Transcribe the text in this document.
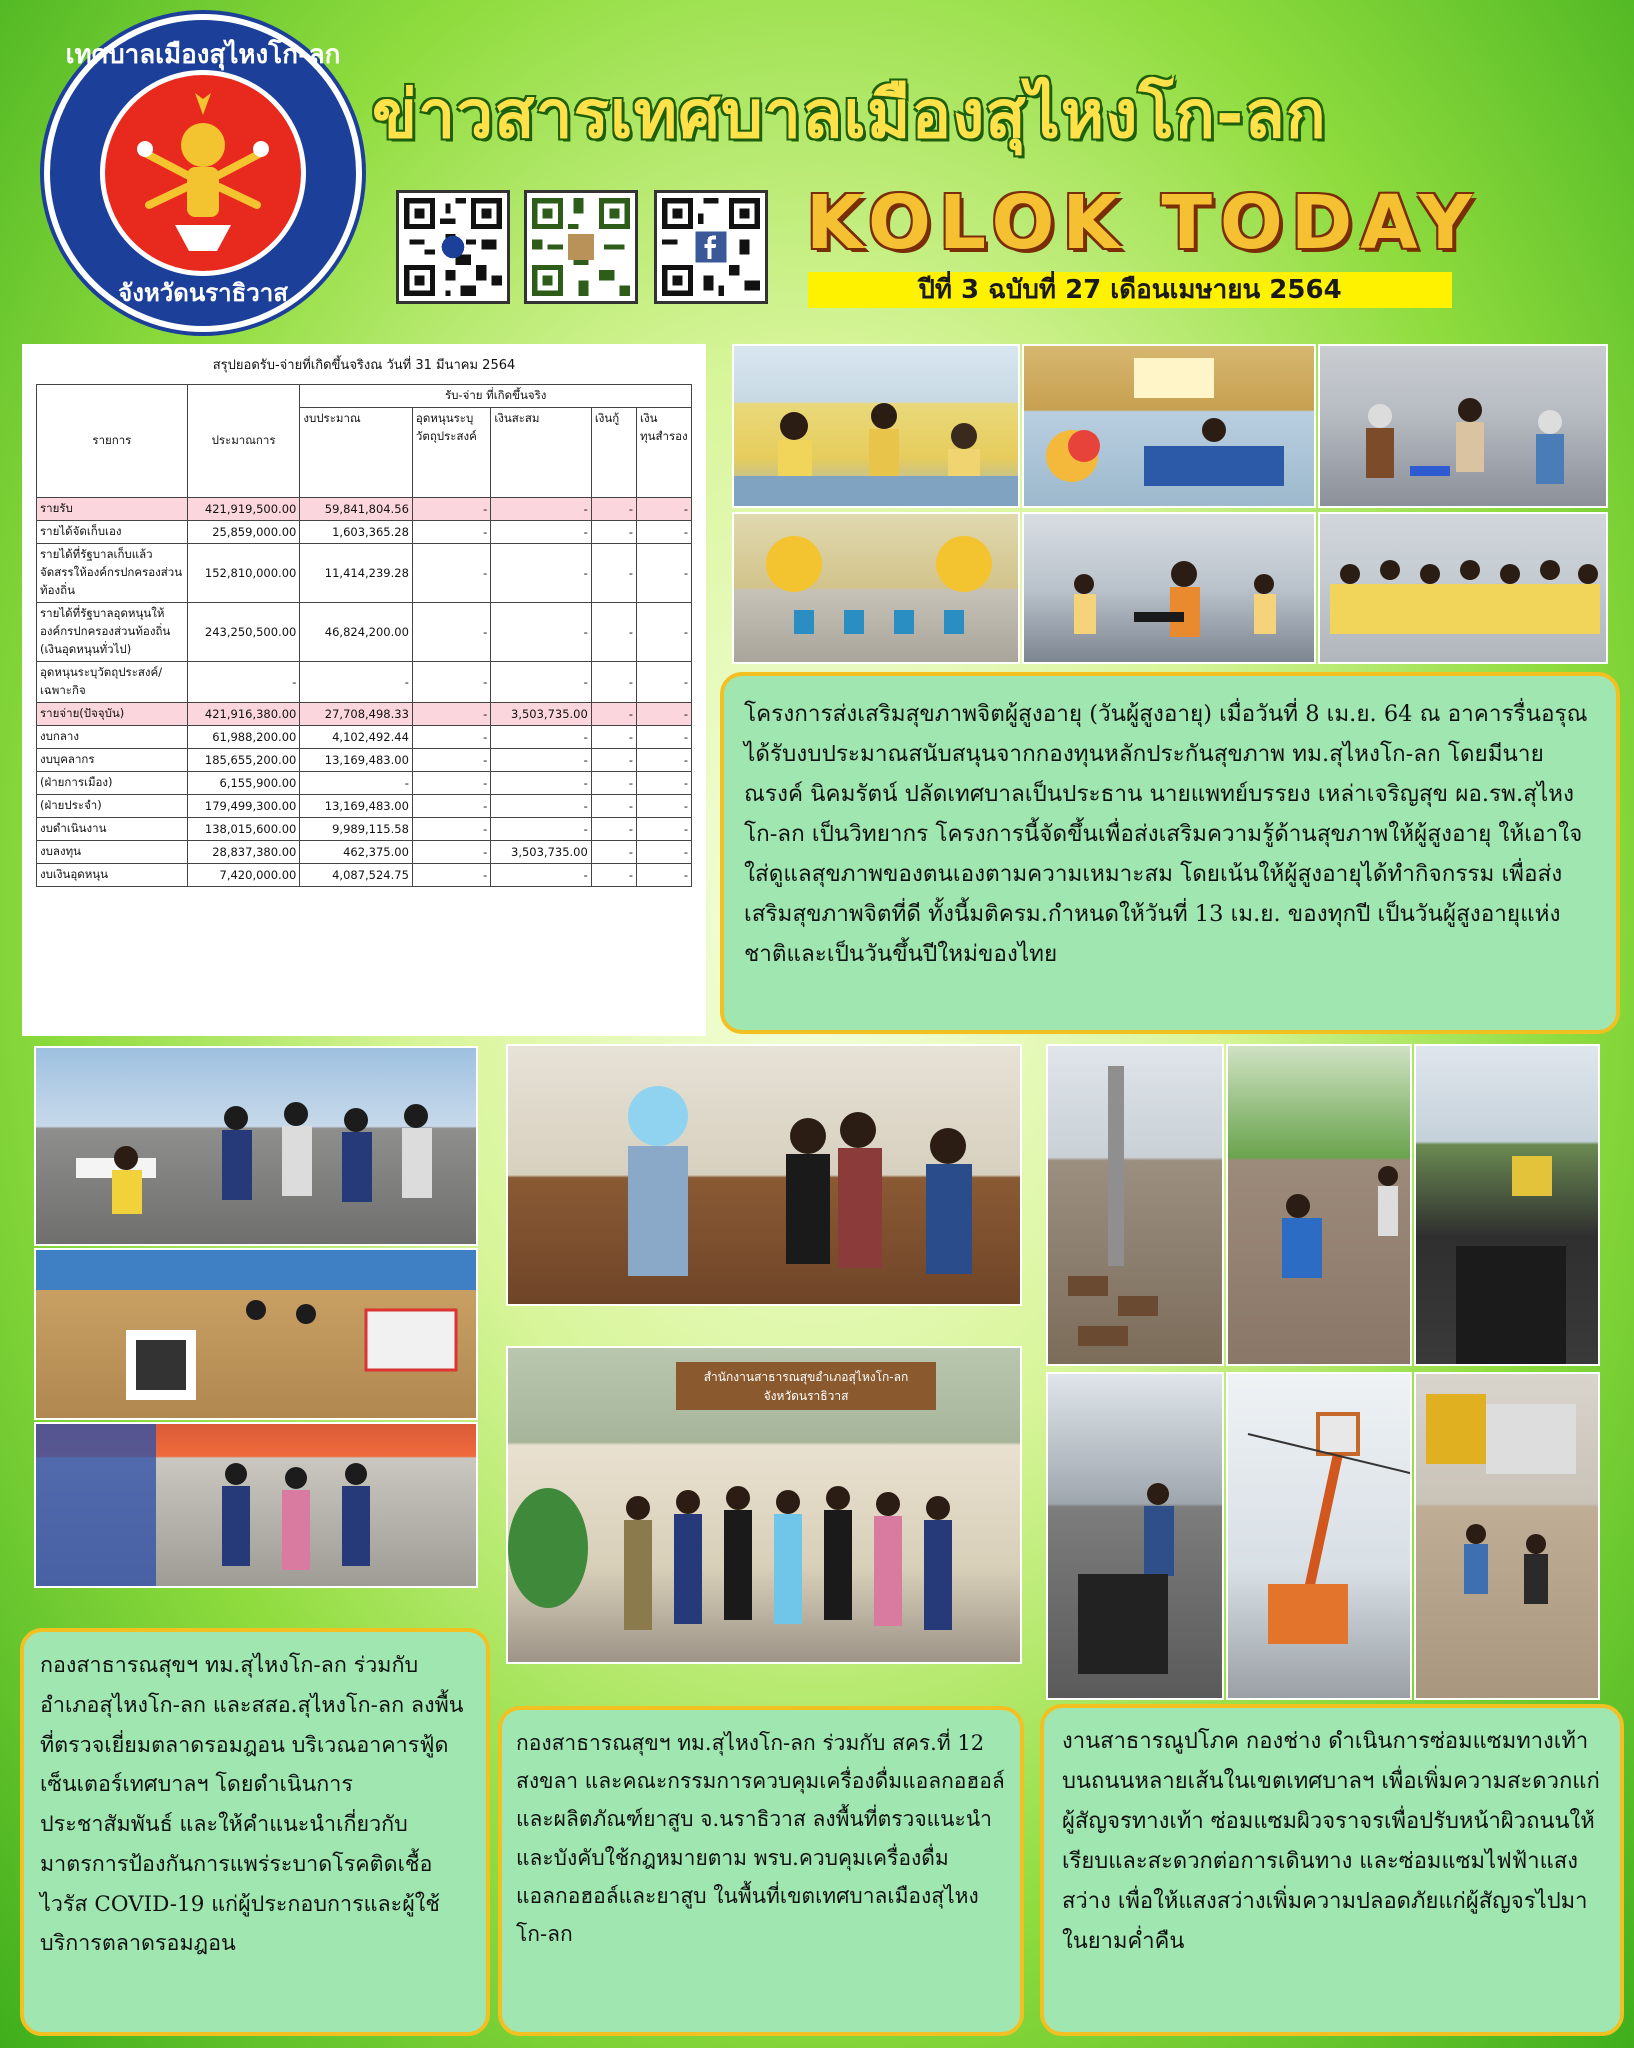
เทศบาลเมืองสุไหงโก-ลก
จังหวัดนราธิวาส
ข่าวสารเทศบาลเมืองสุไหงโก-ลก
KOLOK TODAY
ปีที่ 3 ฉบับที่ 27 เดือนเมษายน 2564
สรุปยอดรับ-จ่ายที่เกิดขึ้นจริงณ วันที่ 31 มีนาคม 2564
รายการ	ประมาณการ	รับ-จ่าย ที่เกิดขึ้นจริง				
		งบประมาณ	อุดหนุนระบุวัตถุประสงค์	เงินสะสม	เงินกู้	เงินทุนสำรอง
รายรับ	421,919,500.00	59,841,804.56	-	-	-	-
รายได้จัดเก็บเอง	25,859,000.00	1,603,365.28	-	-	-	-
รายได้ที่รัฐบาลเก็บแล้วจัดสรรให้องค์กรปกครองส่วนท้องถิ่น	152,810,000.00	11,414,239.28	-	-	-	-
รายได้ที่รัฐบาลอุดหนุนให้องค์กรปกครองส่วนท้องถิ่น (เงินอุดหนุนทั่วไป)	243,250,500.00	46,824,200.00	-	-	-	-
อุดหนุนระบุวัตถุประสงค์/เฉพาะกิจ	-	-	-	-	-	-
รายจ่าย(ปัจจุบัน)	421,916,380.00	27,708,498.33	-	3,503,735.00	-	-
งบกลาง	61,988,200.00	4,102,492.44	-	-	-	-
งบบุคลากร	185,655,200.00	13,169,483.00	-	-	-	-
(ฝ่ายการเมือง)	6,155,900.00	-	-	-	-	-
(ฝ่ายประจำ)	179,499,300.00	13,169,483.00	-	-	-	-
งบดำเนินงาน	138,015,600.00	9,989,115.58	-	-	-	-
งบลงทุน	28,837,380.00	462,375.00	-	3,503,735.00	-	-
งบเงินอุดหนุน	7,420,000.00	4,087,524.75	-	-	-	-

โครงการส่งเสริมสุขภาพจิตผู้สูงอายุ (วันผู้สูงอายุ) เมื่อวันที่ 8 เม.ย. 64 ณ อาคารรื่นอรุณ ได้รับงบประมาณสนับสนุนจากกองทุนหลักประกันสุขภาพ ทม.สุไหงโก-ลก โดยมีนายณรงค์ นิคมรัตน์ ปลัดเทศบาลเป็นประธาน นายแพทย์บรรยง เหล่าเจริญสุข ผอ.รพ.สุไหงโก-ลก เป็นวิทยากร โครงการนี้จัดขึ้นเพื่อส่งเสริมความรู้ด้านสุขภาพให้ผู้สูงอายุ ให้เอาใจใส่ดูแลสุขภาพของตนเองตามความเหมาะสม โดยเน้นให้ผู้สูงอายุได้ทำกิจกรรม เพื่อส่งเสริมสุขภาพจิตที่ดี ทั้งนี้มติครม.กำหนดให้วันที่ 13 เม.ย. ของทุกปี เป็นวันผู้สูงอายุแห่งชาติและเป็นวันขึ้นปีใหม่ของไทย

กองสาธารณสุขฯ ทม.สุไหงโก-ลก ร่วมกับอำเภอสุไหงโก-ลก และสสอ.สุไหงโก-ลก ลงพื้นที่ตรวจเยี่ยมตลาดรอมฎอน บริเวณอาคารฟู้ดเซ็นเตอร์เทศบาลฯ โดยดำเนินการประชาสัมพันธ์ และให้คำแนะนำเกี่ยวกับมาตรการป้องกันการแพร่ระบาดโรคติดเชื้อไวรัส COVID-19 แก่ผู้ประกอบการและผู้ใช้บริการตลาดรอมฎอน

สำนักงานสาธารณสุขอำเภอสุไหงโก-ลก
จังหวัดนราธิวาส

กองสาธารณสุขฯ ทม.สุไหงโก-ลก ร่วมกับ สคร.ที่ 12 สงขลา และคณะกรรมการควบคุมเครื่องดื่มแอลกอฮอล์และผลิตภัณฑ์ยาสูบ จ.นราธิวาส ลงพื้นที่ตรวจแนะนำและบังคับใช้กฎหมายตาม พรบ.ควบคุมเครื่องดื่มแอลกอฮอล์และยาสูบ ในพื้นที่เขตเทศบาลเมืองสุไหงโก-ลก

งานสาธารณูปโภค กองช่าง ดำเนินการซ่อมแซมทางเท้าบนถนนหลายเส้นในเขตเทศบาลฯ เพื่อเพิ่มความสะดวกแก่ผู้สัญจรทางเท้า ซ่อมแซมผิวจราจรเพื่อปรับหน้าผิวถนนให้เรียบและสะดวกต่อการเดินทาง และซ่อมแซมไฟฟ้าแสงสว่าง เพื่อให้แสงสว่างเพิ่มความปลอดภัยแก่ผู้สัญจรไปมาในยามค่ำคืน
